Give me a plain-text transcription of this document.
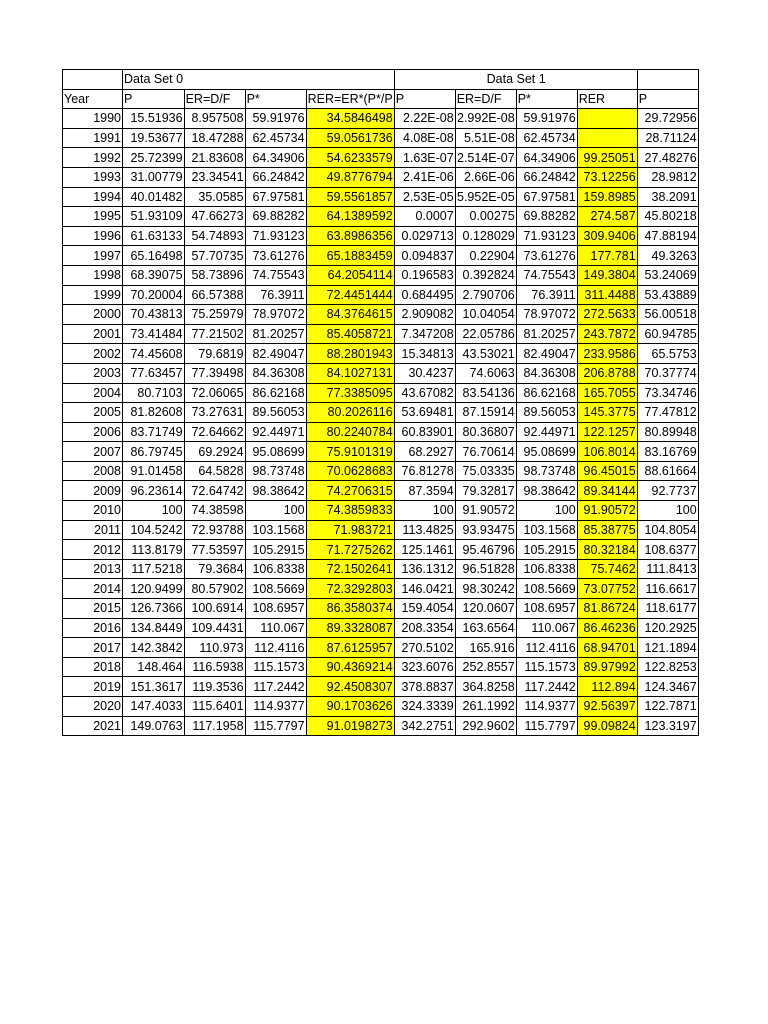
	Data Set 0					Data Set 1			
Year	P	ER=D/F	P*	RER=ER*(P*/P	P	ER=D/F	P*	RER	P
1990	15.51936	8.957508	59.91976	34.5846498	2.22E-08	2.992E-08	59.91976		29.72956
1991	19.53677	18.47288	62.45734	59.0561736	4.08E-08	5.51E-08	62.45734		28.71124
1992	25.72399	21.83608	64.34906	54.6233579	1.63E-07	2.514E-07	64.34906	99.25051	27.48276
1993	31.00779	23.34541	66.24842	49.8776794	2.41E-06	2.66E-06	66.24842	73.12256	28.9812
1994	40.01482	35.0585	67.97581	59.5561857	2.53E-05	5.952E-05	67.97581	159.8985	38.2091
1995	51.93109	47.66273	69.88282	64.1389592	0.0007	0.00275	69.88282	274.587	45.80218
1996	61.63133	54.74893	71.93123	63.8986356	0.029713	0.128029	71.93123	309.9406	47.88194
1997	65.16498	57.70735	73.61276	65.1883459	0.094837	0.22904	73.61276	177.781	49.3263
1998	68.39075	58.73896	74.75543	64.2054114	0.196583	0.392824	74.75543	149.3804	53.24069
1999	70.20004	66.57388	76.3911	72.4451444	0.684495	2.790706	76.3911	311.4488	53.43889
2000	70.43813	75.25979	78.97072	84.3764615	2.909082	10.04054	78.97072	272.5633	56.00518
2001	73.41484	77.21502	81.20257	85.4058721	7.347208	22.05786	81.20257	243.7872	60.94785
2002	74.45608	79.6819	82.49047	88.2801943	15.34813	43.53021	82.49047	233.9586	65.5753
2003	77.63457	77.39498	84.36308	84.1027131	30.4237	74.6063	84.36308	206.8788	70.37774
2004	80.7103	72.06065	86.62168	77.3385095	43.67082	83.54136	86.62168	165.7055	73.34746
2005	81.82608	73.27631	89.56053	80.2026116	53.69481	87.15914	89.56053	145.3775	77.47812
2006	83.71749	72.64662	92.44971	80.2240784	60.83901	80.36807	92.44971	122.1257	80.89948
2007	86.79745	69.2924	95.08699	75.9101319	68.2927	76.70614	95.08699	106.8014	83.16769
2008	91.01458	64.5828	98.73748	70.0628683	76.81278	75.03335	98.73748	96.45015	88.61664
2009	96.23614	72.64742	98.38642	74.2706315	87.3594	79.32817	98.38642	89.34144	92.7737
2010	100	74.38598	100	74.3859833	100	91.90572	100	91.90572	100
2011	104.5242	72.93788	103.1568	71.983721	113.4825	93.93475	103.1568	85.38775	104.8054
2012	113.8179	77.53597	105.2915	71.7275262	125.1461	95.46796	105.2915	80.32184	108.6377
2013	117.5218	79.3684	106.8338	72.1502641	136.1312	96.51828	106.8338	75.7462	111.8413
2014	120.9499	80.57902	108.5669	72.3292803	146.0421	98.30242	108.5669	73.07752	116.6617
2015	126.7366	100.6914	108.6957	86.3580374	159.4054	120.0607	108.6957	81.86724	118.6177
2016	134.8449	109.4431	110.067	89.3328087	208.3354	163.6564	110.067	86.46236	120.2925
2017	142.3842	110.973	112.4116	87.6125957	270.5102	165.916	112.4116	68.94701	121.1894
2018	148.464	116.5938	115.1573	90.4369214	323.6076	252.8557	115.1573	89.97992	122.8253
2019	151.3617	119.3536	117.2442	92.4508307	378.8837	364.8258	117.2442	112.894	124.3467
2020	147.4033	115.6401	114.9377	90.1703626	324.3339	261.1992	114.9377	92.56397	122.7871
2021	149.0763	117.1958	115.7797	91.0198273	342.2751	292.9602	115.7797	99.09824	123.3197
